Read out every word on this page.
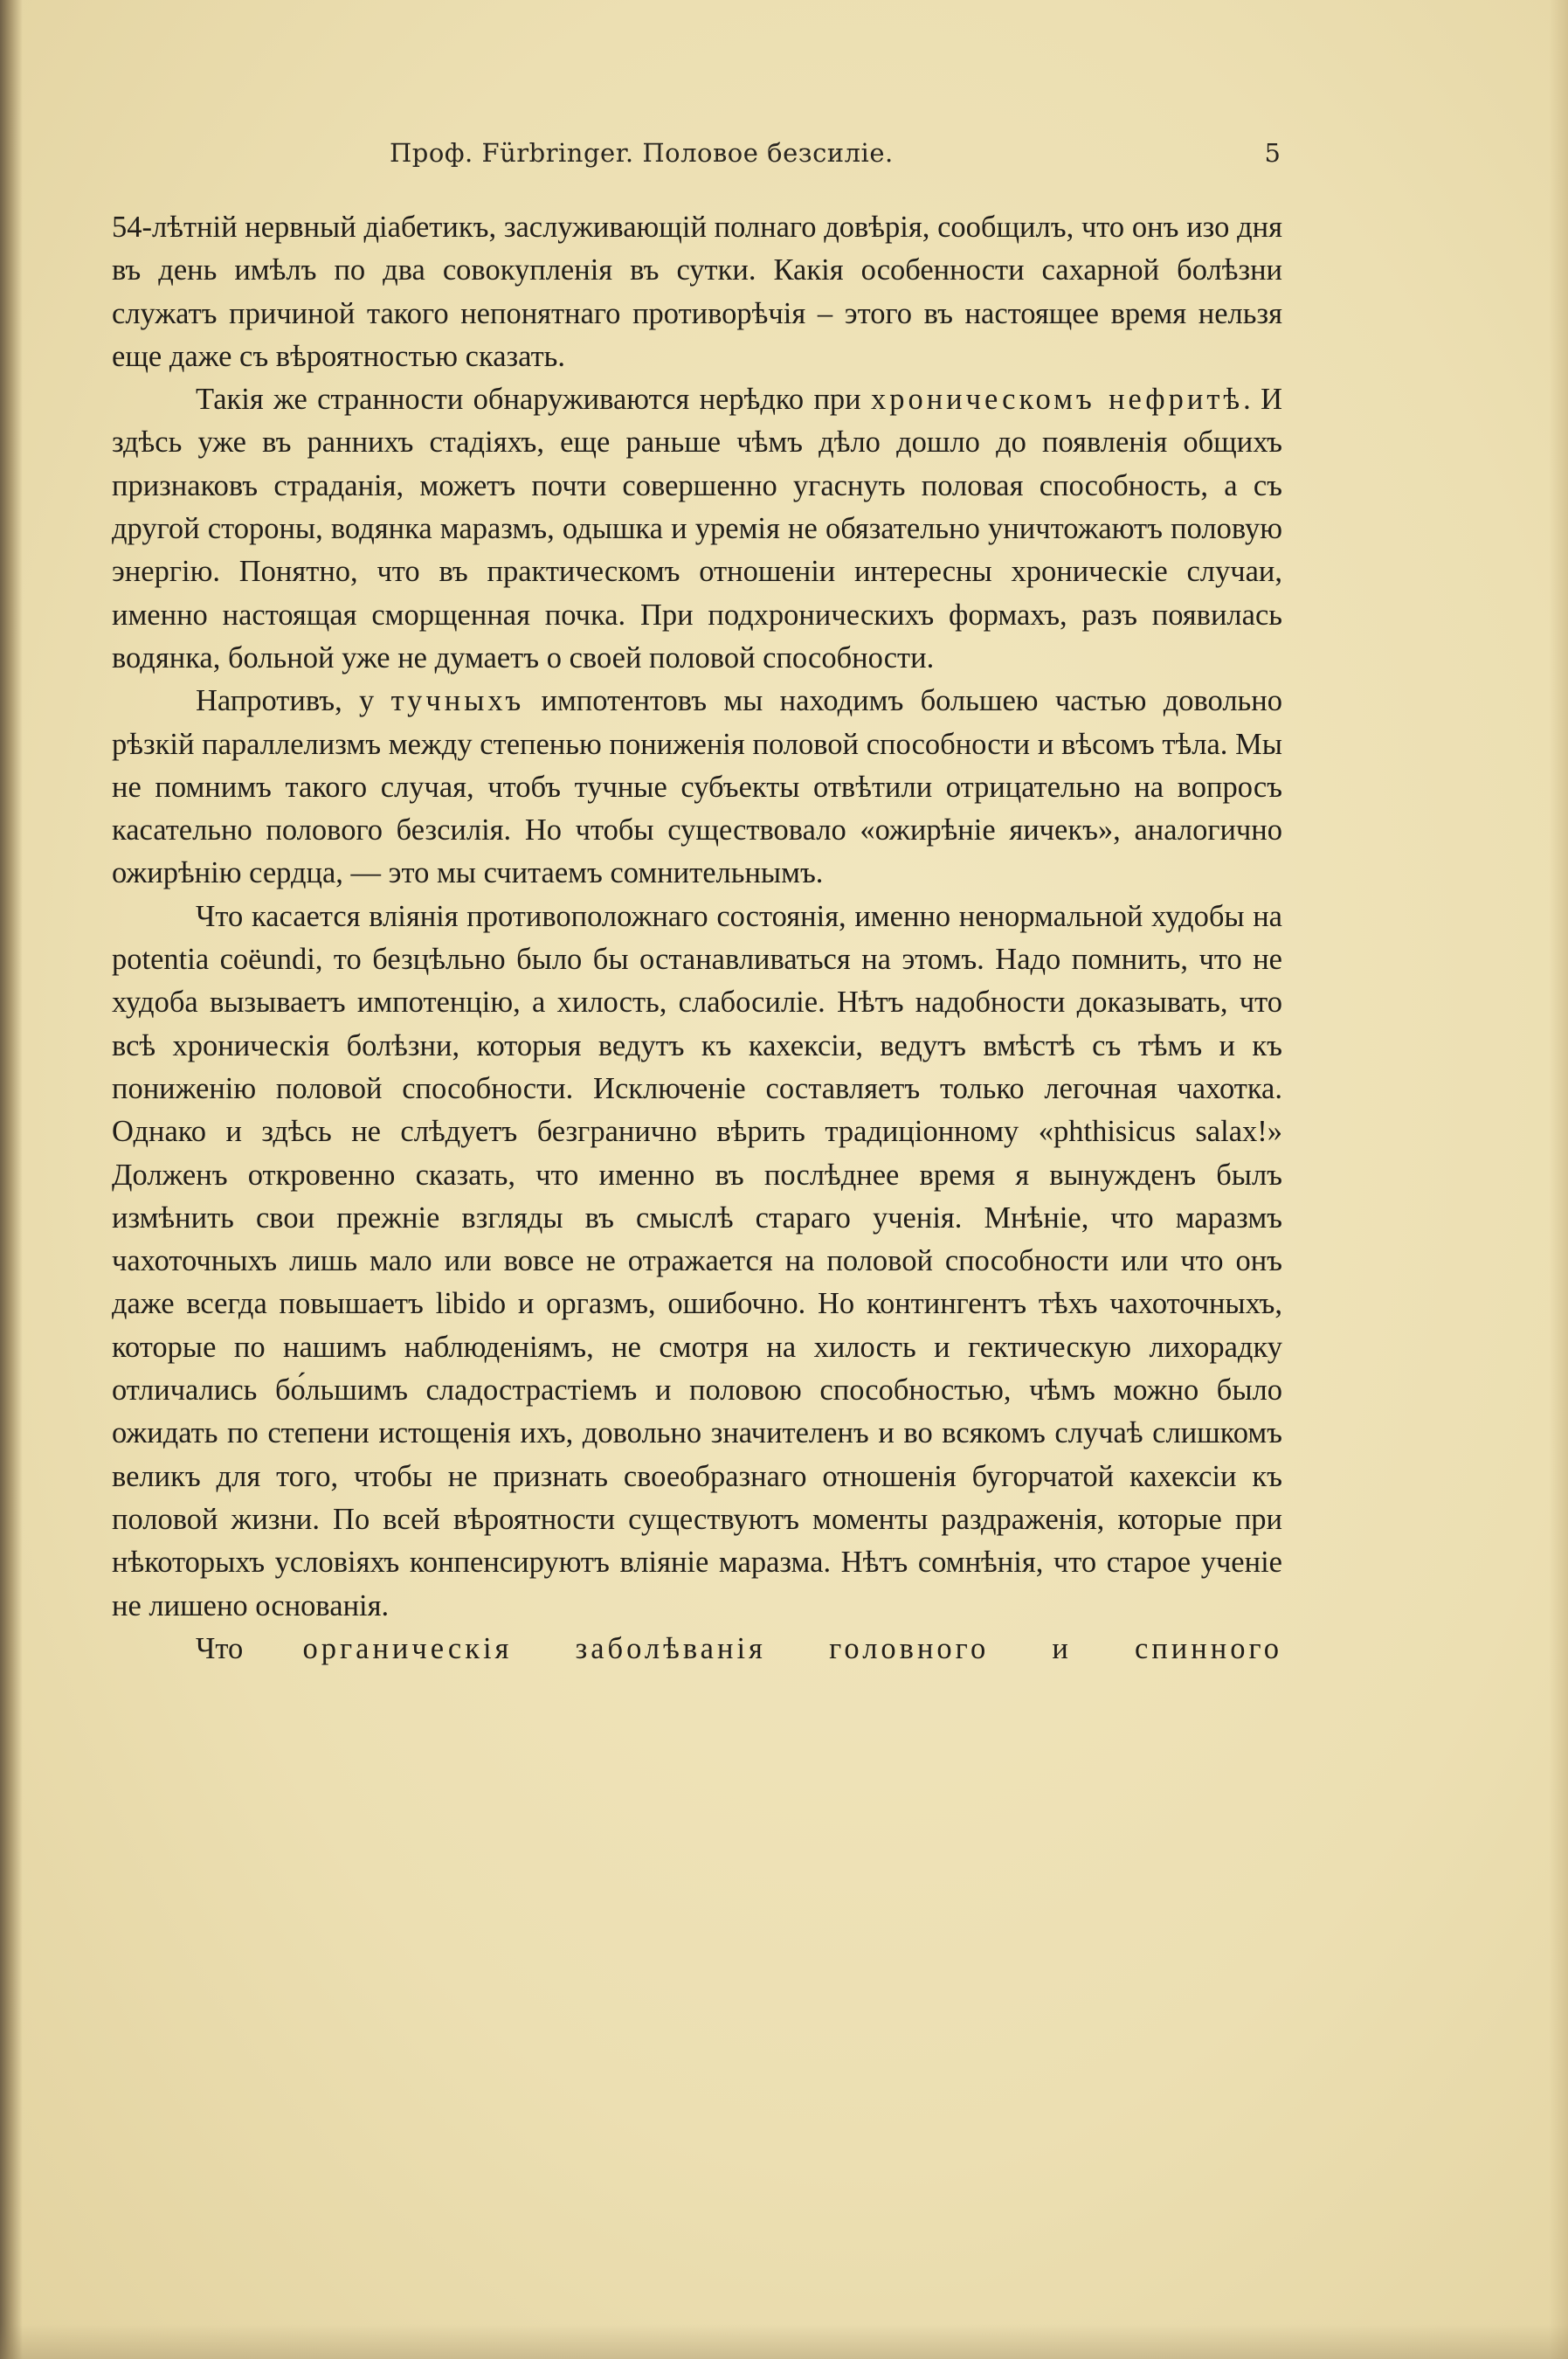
Проф. Fürbringer. Половое безсиліе.	5

54-лѣтній нервный діабетикъ, заслуживающій полнаго довѣрія, сообщилъ, что онъ изо дня въ день имѣлъ по два совокупленія въ сутки. Какія особенности сахарной болѣзни служатъ причиной такого непонятнаго противорѣчія – этого въ настоящее время нельзя еще даже съ вѣроятностью сказать.

Такія же странности обнаруживаются нерѣдко при хроническомъ нефритѣ. И здѣсь уже въ раннихъ стадіяхъ, еще раньше чѣмъ дѣло дошло до появленія общихъ признаковъ страданія, можетъ почти совершенно угаснуть половая способность, а съ другой стороны, водянка маразмъ, одышка и уремія не обязательно уничтожаютъ половую энергію. Понятно, что въ практическомъ отношеніи интересны хроническіе случаи, именно настоящая сморщенная почка. При подхроническихъ формахъ, разъ появилась водянка, больной уже не думаетъ о своей половой способности.

Напротивъ, у тучныхъ импотентовъ мы находимъ большею частью довольно рѣзкій параллелизмъ между степенью пониженія половой способности и вѣсомъ тѣла. Мы не помнимъ такого случая, чтобъ тучные субъекты отвѣтили отрицательно на вопросъ касательно полового безсилія. Но чтобы существовало «ожирѣніе яичекъ», аналогично ожирѣнію сердца, — это мы считаемъ сомнительнымъ.

Что касается вліянія противоположнаго состоянія, именно ненормальной худобы на potentia coëundi, то безцѣльно было бы останавливаться на этомъ. Надо помнить, что не худоба вызываетъ импотенцію, а хилость, слабосиліе. Нѣтъ надобности доказывать, что всѣ хроническія болѣзни, которыя ведутъ къ кахексіи, ведутъ вмѣстѣ съ тѣмъ и къ пониженію половой способности. Исключеніе составляетъ только легочная чахотка. Однако и здѣсь не слѣдуетъ безгранично вѣрить традиціонному «phthisicus salax!» Долженъ откровенно сказать, что именно въ послѣднее время я вынужденъ былъ измѣнить свои прежніе взгляды въ смыслѣ стараго ученія. Мнѣніе, что маразмъ чахоточныхъ лишь мало или вовсе не отражается на половой способности или что онъ даже всегда повышаетъ libido и оргазмъ, ошибочно. Но контингентъ тѣхъ чахоточныхъ, которые по нашимъ наблюденіямъ, не смотря на хилость и гектическую лихорадку отличались бо́льшимъ сладострастіемъ и половою способностью, чѣмъ можно было ожидать по степени истощенія ихъ, довольно значителенъ и во всякомъ случаѣ слишкомъ великъ для того, чтобы не признать своеобразнаго отношенія бугорчатой кахексіи къ половой жизни. По всей вѣроятности существуютъ моменты раздраженія, которые при нѣкоторыхъ условіяхъ конпенсируютъ вліяніе маразма. Нѣтъ сомнѣнія, что старое ученіе не лишено основанія.

Что органическія заболѣванія головного и спинного
